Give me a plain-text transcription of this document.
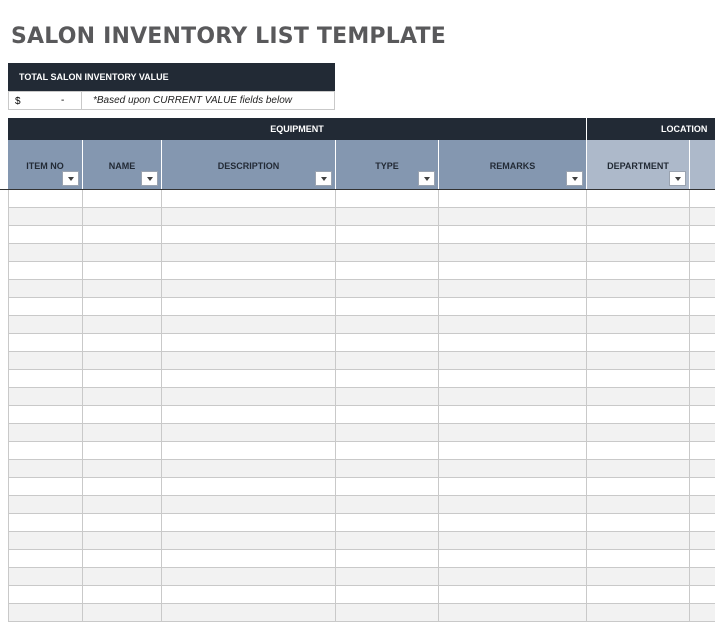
SALON INVENTORY LIST TEMPLATE
TOTAL SALON INVENTORY VALUE
$	-	*Based upon CURRENT VALUE fields below
EQUIPMENT	LOCATION
ITEM NO	NAME	DESCRIPTION	TYPE	REMARKS	DEPARTMENT
